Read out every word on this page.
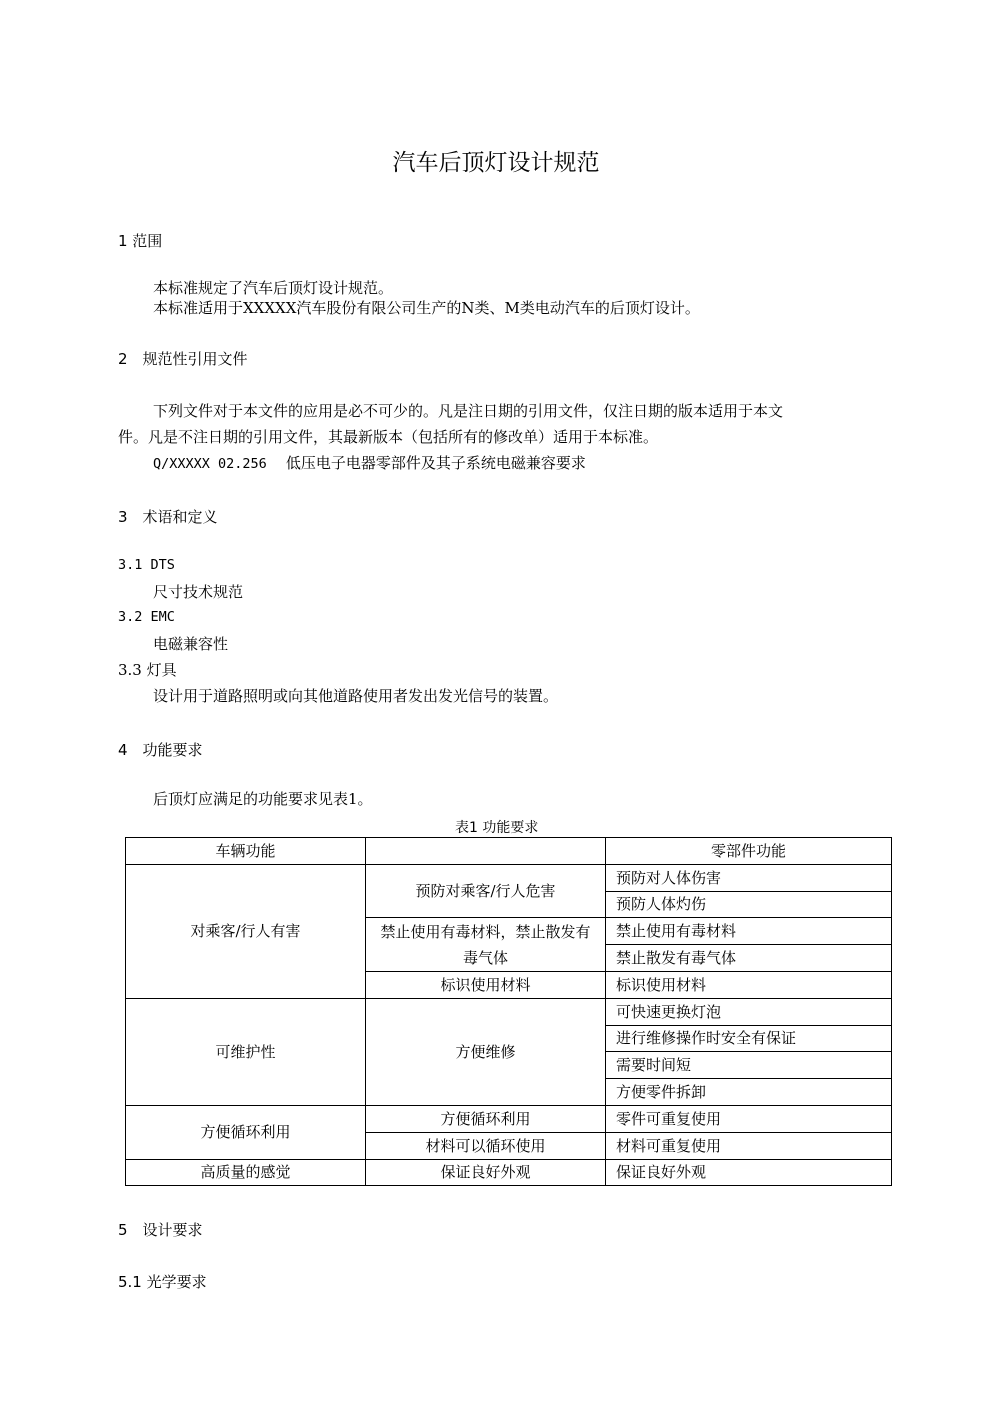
汽车后顶灯设计规范
1 范围
本标准规定了汽车后顶灯设计规范。
本标准适用于XXXXX汽车股份有限公司生产的N类、M类电动汽车的后顶灯设计。
2　规范性引用文件
下列文件对于本文件的应用是必不可少的。凡是注日期的引用文件，仅注日期的版本适用于本文
件。凡是不注日期的引用文件，其最新版本（包括所有的修改单）适用于本标准。
Q/XXXXX 02.256 低压电子电器零部件及其子系统电磁兼容要求
3　术语和定义
3.1 DTS
尺寸技术规范
3.2 EMC
电磁兼容性
3.3 灯具
设计用于道路照明或向其他道路使用者发出发光信号的装置。
4　功能要求
后顶灯应满足的功能要求见表1。
表1 功能要求
车辆功能		零部件功能
对乘客/行人有害	预防对乘客/行人危害	预防对人体伤害
		预防人体灼伤
	禁止使用有毒材料，禁止散发有毒气体	禁止使用有毒材料
		禁止散发有毒气体
	标识使用材料	标识使用材料
可维护性	方便维修	可快速更换灯泡
		进行维修操作时安全有保证
		需要时间短
		方便零件拆卸
方便循环利用	方便循环利用	零件可重复使用
	材料可以循环使用	材料可重复使用
高质量的感觉	保证良好外观	保证良好外观
5　设计要求
5.1 光学要求
